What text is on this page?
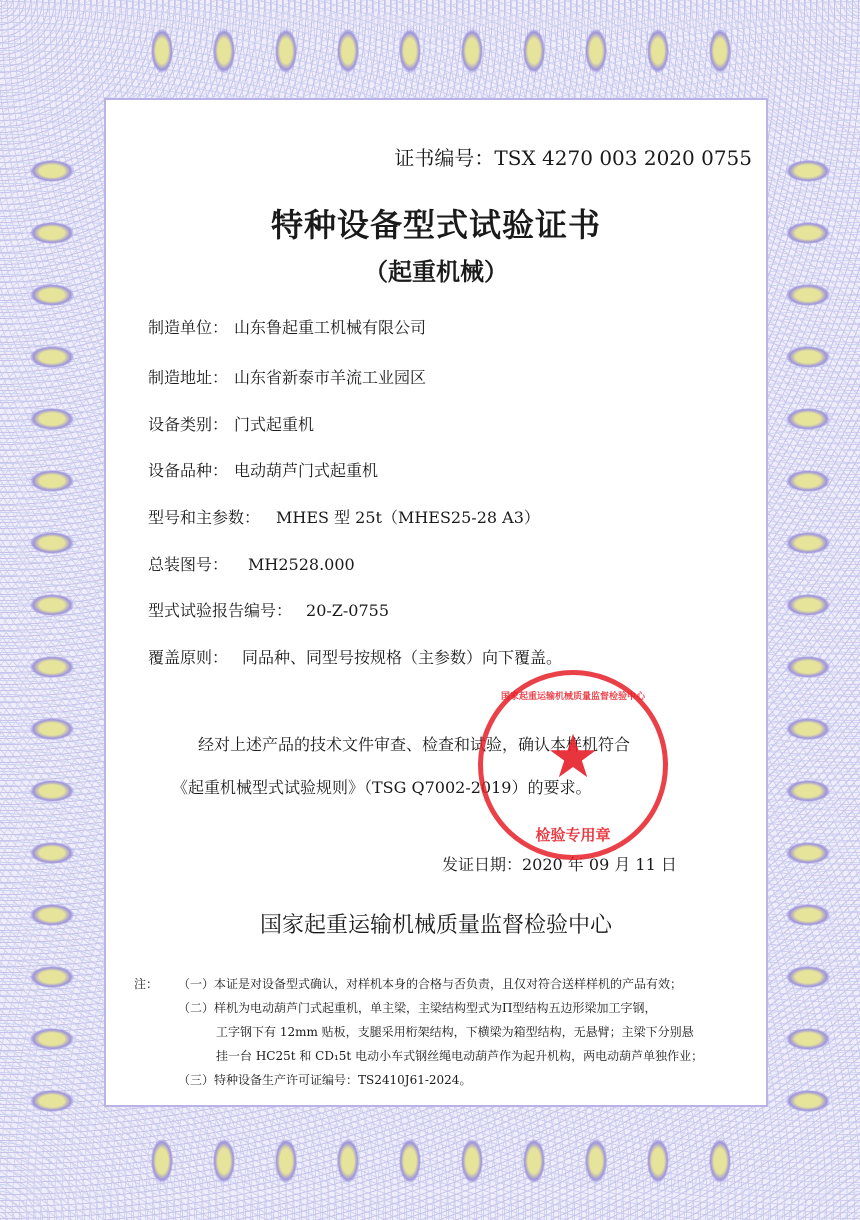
证书编号：TSX 4270 003 2020 0755
特种设备型式试验证书
（起重机械）
制造单位： 山东鲁起重工机械有限公司
制造地址： 山东省新泰市羊流工业园区
设备类别： 门式起重机
设备品种： 电动葫芦门式起重机
型号和主参数： MHES 型 25t（MHES25-28 A3）
总装图号： MH2528.000
型式试验报告编号： 20-Z-0755
覆盖原则： 同品种、同型号按规格（主参数）向下覆盖。
经对上述产品的技术文件审查、检查和试验，确认本样机符合
《起重机械型式试验规则》（TSG Q7002-2019）的要求。
发证日期：2020 年 09 月 11 日
国家起重运输机械质量监督检验中心
★
检验专用章
国家起重运输机械质量监督检验中心
注： （一）本证是对设备型式确认，对样机本身的合格与否负责，且仅对符合送样样机的产品有效；
（二）样机为电动葫芦门式起重机，单主梁，主梁结构型式为Π型结构五边形梁加工字钢，
工字钢下有 12mm 贴板，支腿采用桁架结构，下横梁为箱型结构，无悬臂；主梁下分别悬
挂一台 HC25t 和 CD₁5t 电动小车式钢丝绳电动葫芦作为起升机构，两电动葫芦单独作业；
（三）特种设备生产许可证编号：TS2410J61-2024。
